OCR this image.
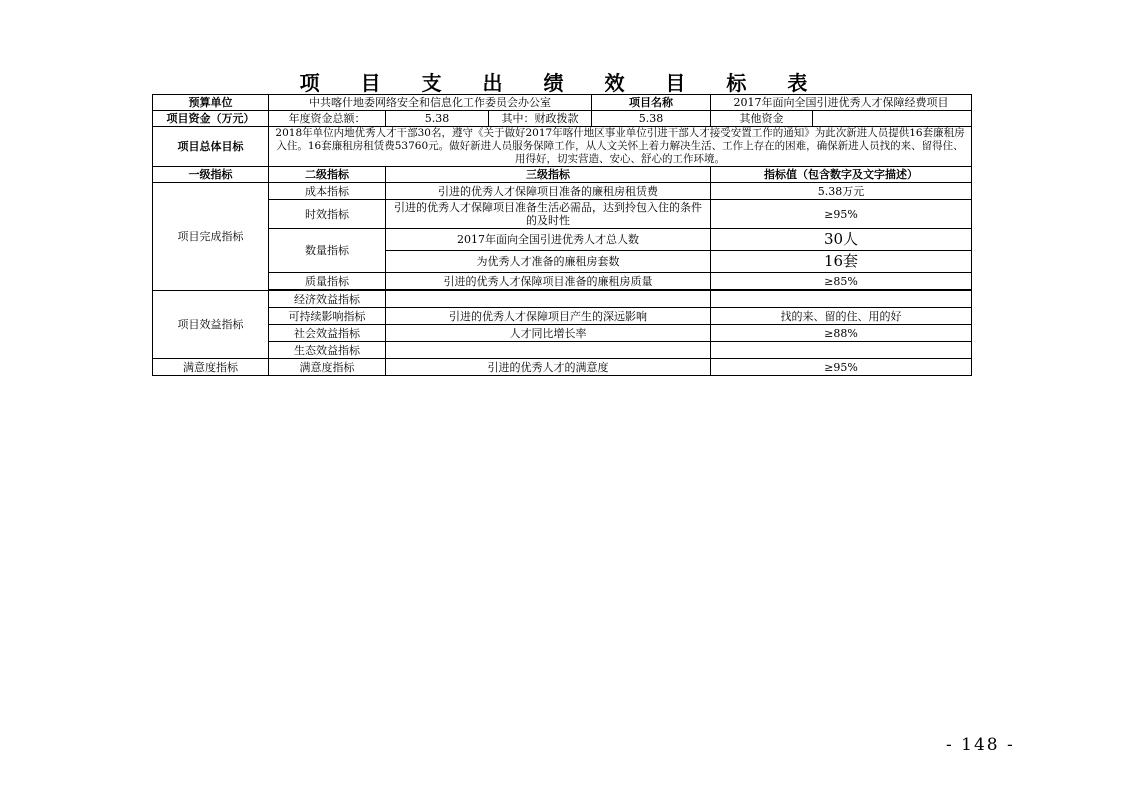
项 目 支 出 绩 效 目 标 表
预算单位	中共喀什地委网络安全和信息化工作委员会办公室			项目名称	2017年面向全国引进优秀人才保障经费项目	
项目资金（万元）	年度资金总额：	5.38	其中：财政拨款	5.38	其他资金	
项目总体目标	2018年单位内地优秀人才干部30名，遵守《关于做好2017年喀什地区事业单位引进干部人才接受安置工作的通知》为此次新进人员提供16套廉租房入住。16套廉租房租赁费53760元。做好新进人员服务保障工作，从人文关怀上着力解决生活、工作上存在的困难，确保新进人员找的来、留得住、用得好，切实营造、安心、舒心的工作环境。					
一级指标	二级指标	三级指标			指标值（包含数字及文字描述）	
项目完成指标	成本指标	引进的优秀人才保障项目准备的廉租房租赁费			5.38万元	
	时效指标	引进的优秀人才保障项目准备生活必需品，达到拎包入住的条件的及时性			≥95%	
	数量指标	2017年面向全国引进优秀人才总人数			30人	
		为优秀人才准备的廉租房套数			16套	
	质量指标	引进的优秀人才保障项目准备的廉租房质量			≥85%	

项目效益指标	经济效益指标					
	可持续影响指标	引进的优秀人才保障项目产生的深远影响			找的来、留的住、用的好	
	社会效益指标	人才同比增长率			≥88%	
	生态效益指标					
满意度指标	满意度指标	引进的优秀人才的满意度			≥95%	
- 148 -
